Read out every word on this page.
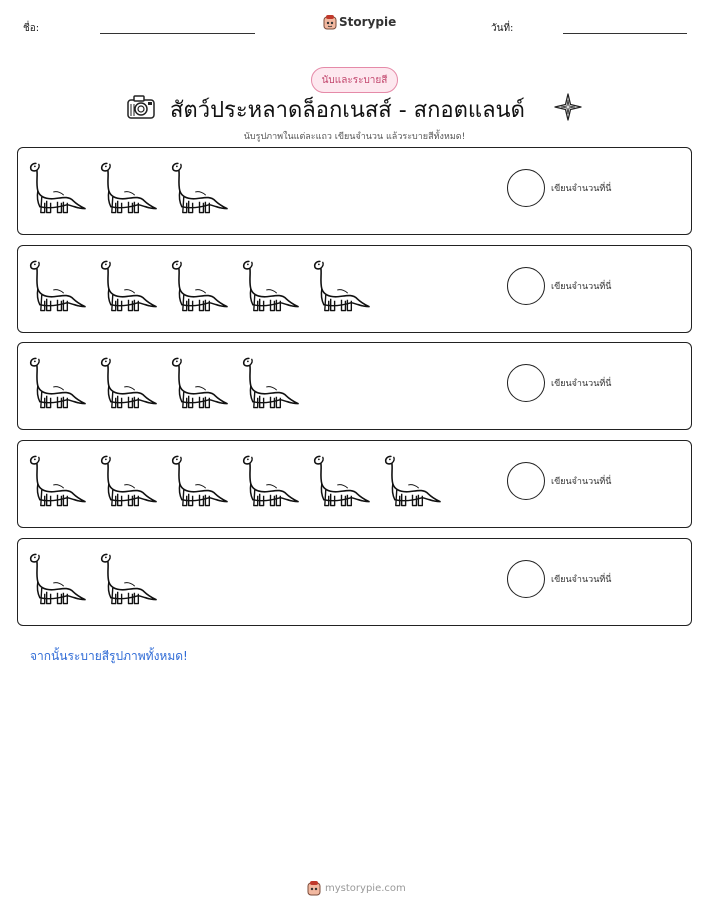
ชื่อ:	Storypie	วันที่:
นับและระบายสี
สัตว์ประหลาดล็อกเนสส์ - สกอตแลนด์
นับรูปภาพในแต่ละแถว เขียนจำนวน แล้วระบายสีทั้งหมด!
เขียนจำนวนที่นี่
เขียนจำนวนที่นี่
เขียนจำนวนที่นี่
เขียนจำนวนที่นี่
เขียนจำนวนที่นี่
จากนั้นระบายสีรูปภาพทั้งหมด!
mystorypie.com
